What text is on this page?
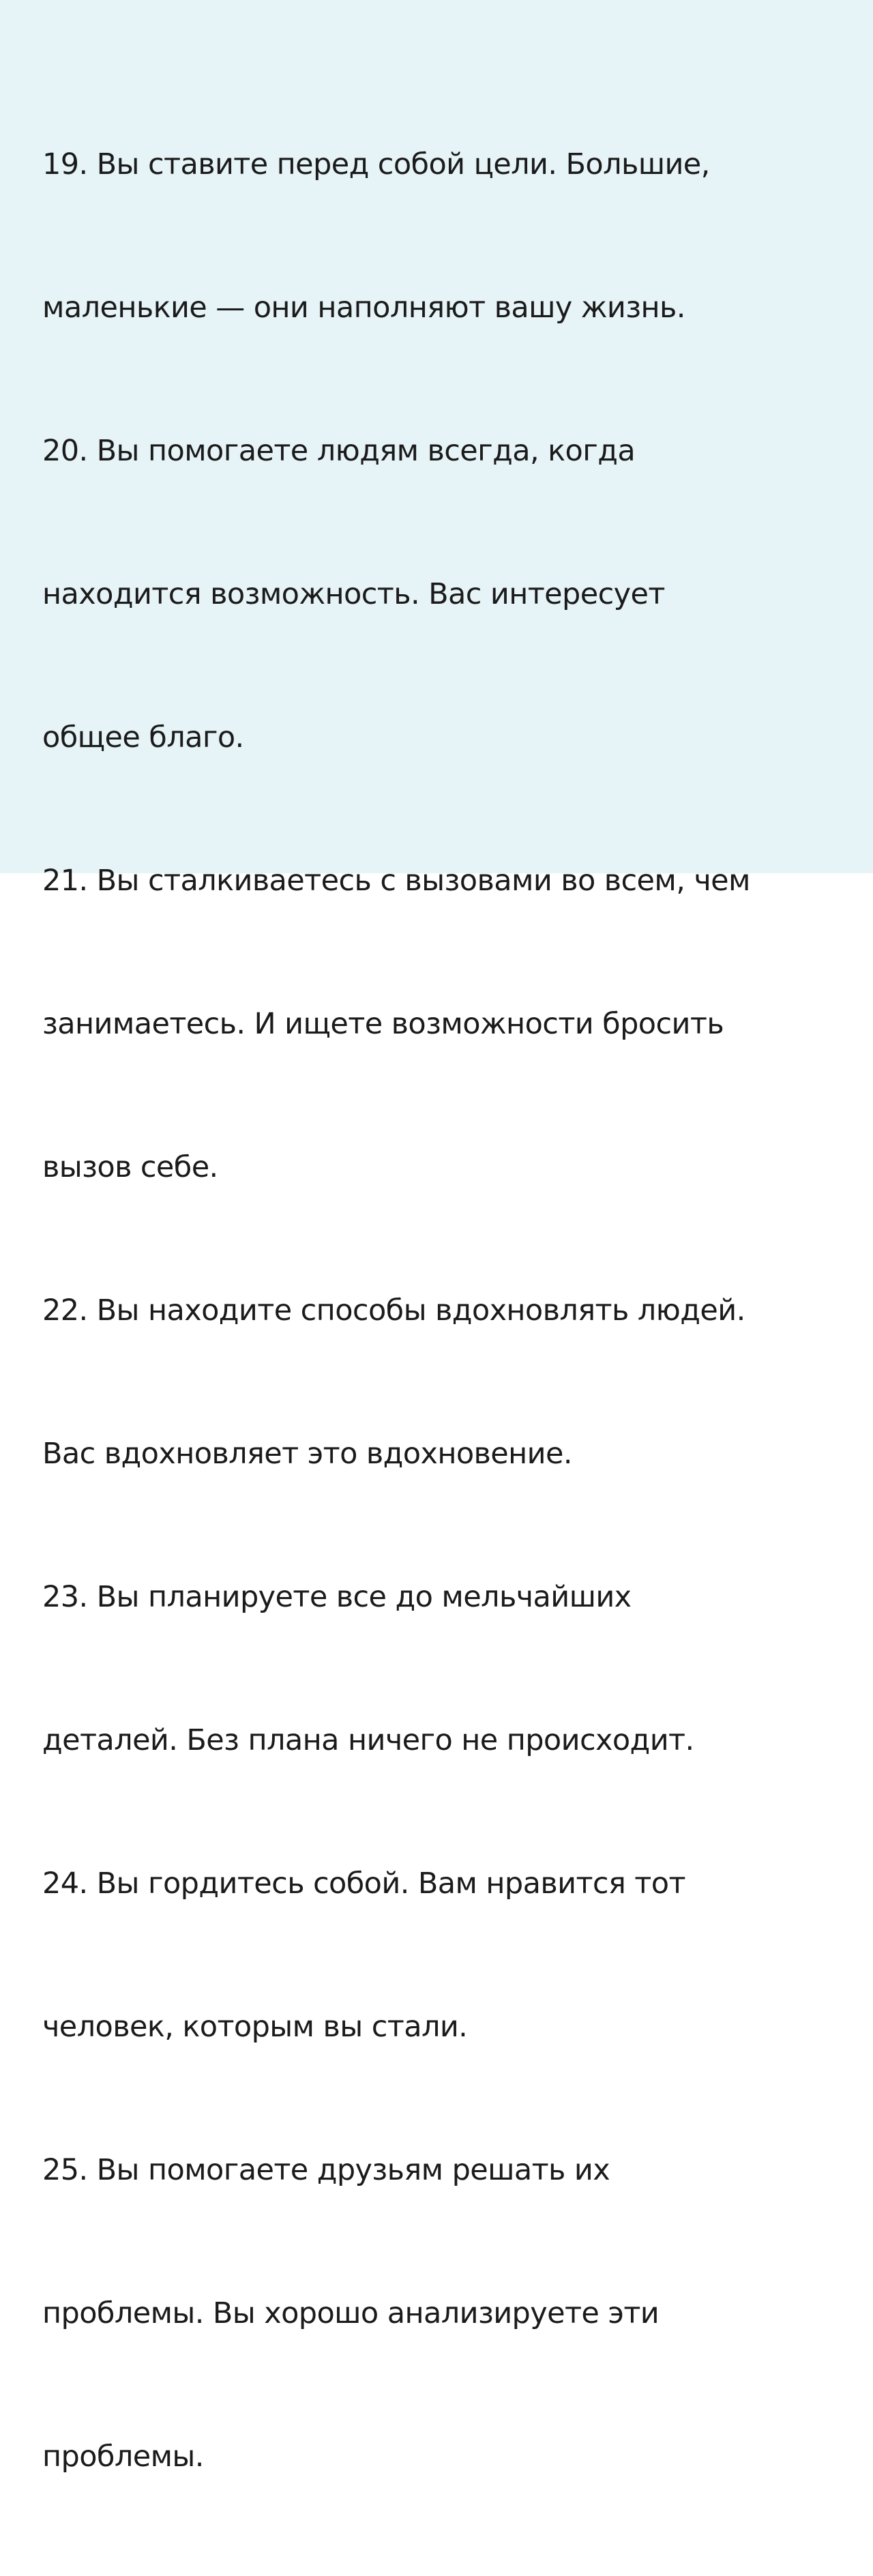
19. Вы ставите перед собой цели. Большие,

маленькие — они наполняют вашу жизнь.

20. Вы помогаете людям всегда, когда

находится возможность. Вас интересует

общее благо.

21. Вы сталкиваетесь с вызовами во всем, чем

занимаетесь. И ищете возможности бросить

вызов себе.

22. Вы находите способы вдохновлять людей.

Вас вдохновляет это вдохновение.

23. Вы планируете все до мельчайших

деталей. Без плана ничего не происходит.

24. Вы гордитесь собой. Вам нравится тот

человек, которым вы стали.

25. Вы помогаете друзьям решать их

проблемы. Вы хорошо анализируете эти

проблемы.
